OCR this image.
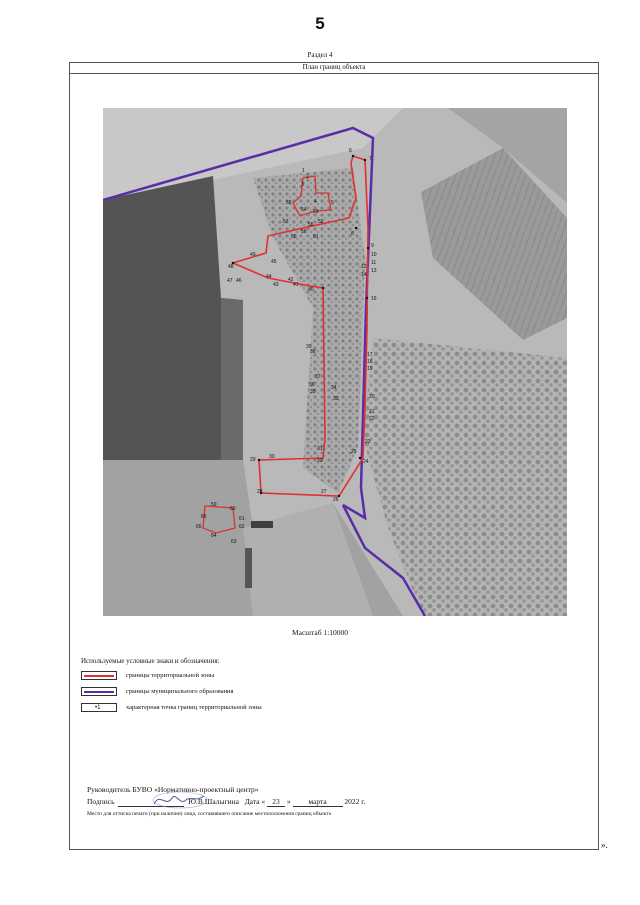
5
Раздел 4
План границ объекта
6
7
8
9
10
11
12
13
14
16
17
18
19
20
21
22
23
24
25
26
27
28
29	30
31
32
33
34
35
36
37
38
39
40
41
42
43
44
45
46
47
48
49
50	51
52
53
54
55
56
57
58
1
2
3
4	5
60
61
62
63
64
65
66
59
Масштаб 1:10000
Используемые условные знаки и обозначения:
границы территориальной зоны
границы муниципального образования
•1	характерная точка границ территориальной зоны
Руководитель БУВО «Нормативно-проектный центр»
Подпись	Ю.В.Шалыгина Дата « 23 » марта 2022 г.
Место для оттиска печати (при наличии) лица, составившего описание местоположения границ объекта
».
